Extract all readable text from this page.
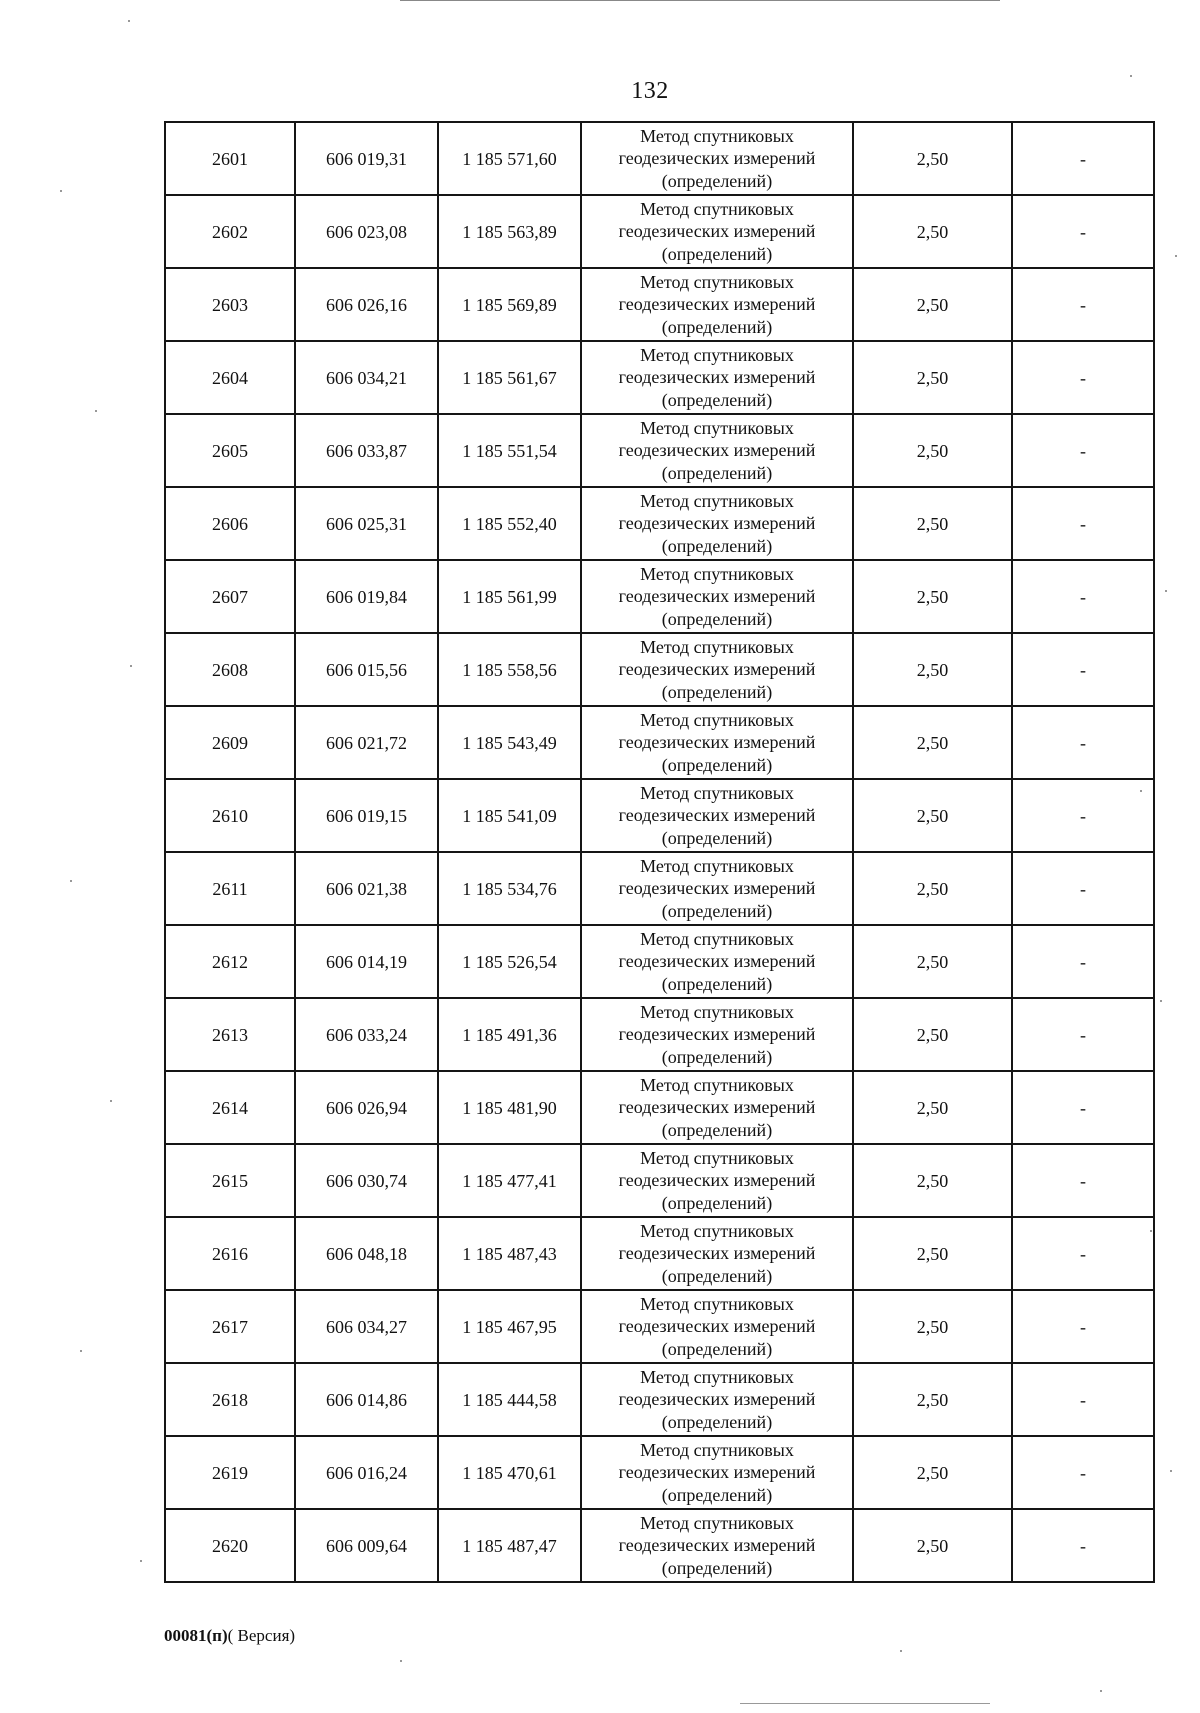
132
2601	606 019,31	1 185 571,60	Метод спутниковых
геодезических измерений
(определений)	2,50	-
2602	606 023,08	1 185 563,89	Метод спутниковых
геодезических измерений
(определений)	2,50	-
2603	606 026,16	1 185 569,89	Метод спутниковых
геодезических измерений
(определений)	2,50	-
2604	606 034,21	1 185 561,67	Метод спутниковых
геодезических измерений
(определений)	2,50	-
2605	606 033,87	1 185 551,54	Метод спутниковых
геодезических измерений
(определений)	2,50	-
2606	606 025,31	1 185 552,40	Метод спутниковых
геодезических измерений
(определений)	2,50	-
2607	606 019,84	1 185 561,99	Метод спутниковых
геодезических измерений
(определений)	2,50	-
2608	606 015,56	1 185 558,56	Метод спутниковых
геодезических измерений
(определений)	2,50	-
2609	606 021,72	1 185 543,49	Метод спутниковых
геодезических измерений
(определений)	2,50	-
2610	606 019,15	1 185 541,09	Метод спутниковых
геодезических измерений
(определений)	2,50	-
2611	606 021,38	1 185 534,76	Метод спутниковых
геодезических измерений
(определений)	2,50	-
2612	606 014,19	1 185 526,54	Метод спутниковых
геодезических измерений
(определений)	2,50	-
2613	606 033,24	1 185 491,36	Метод спутниковых
геодезических измерений
(определений)	2,50	-
2614	606 026,94	1 185 481,90	Метод спутниковых
геодезических измерений
(определений)	2,50	-
2615	606 030,74	1 185 477,41	Метод спутниковых
геодезических измерений
(определений)	2,50	-
2616	606 048,18	1 185 487,43	Метод спутниковых
геодезических измерений
(определений)	2,50	-
2617	606 034,27	1 185 467,95	Метод спутниковых
геодезических измерений
(определений)	2,50	-
2618	606 014,86	1 185 444,58	Метод спутниковых
геодезических измерений
(определений)	2,50	-
2619	606 016,24	1 185 470,61	Метод спутниковых
геодезических измерений
(определений)	2,50	-
2620	606 009,64	1 185 487,47	Метод спутниковых
геодезических измерений
(определений)	2,50	-
00081(п)( Версия)
